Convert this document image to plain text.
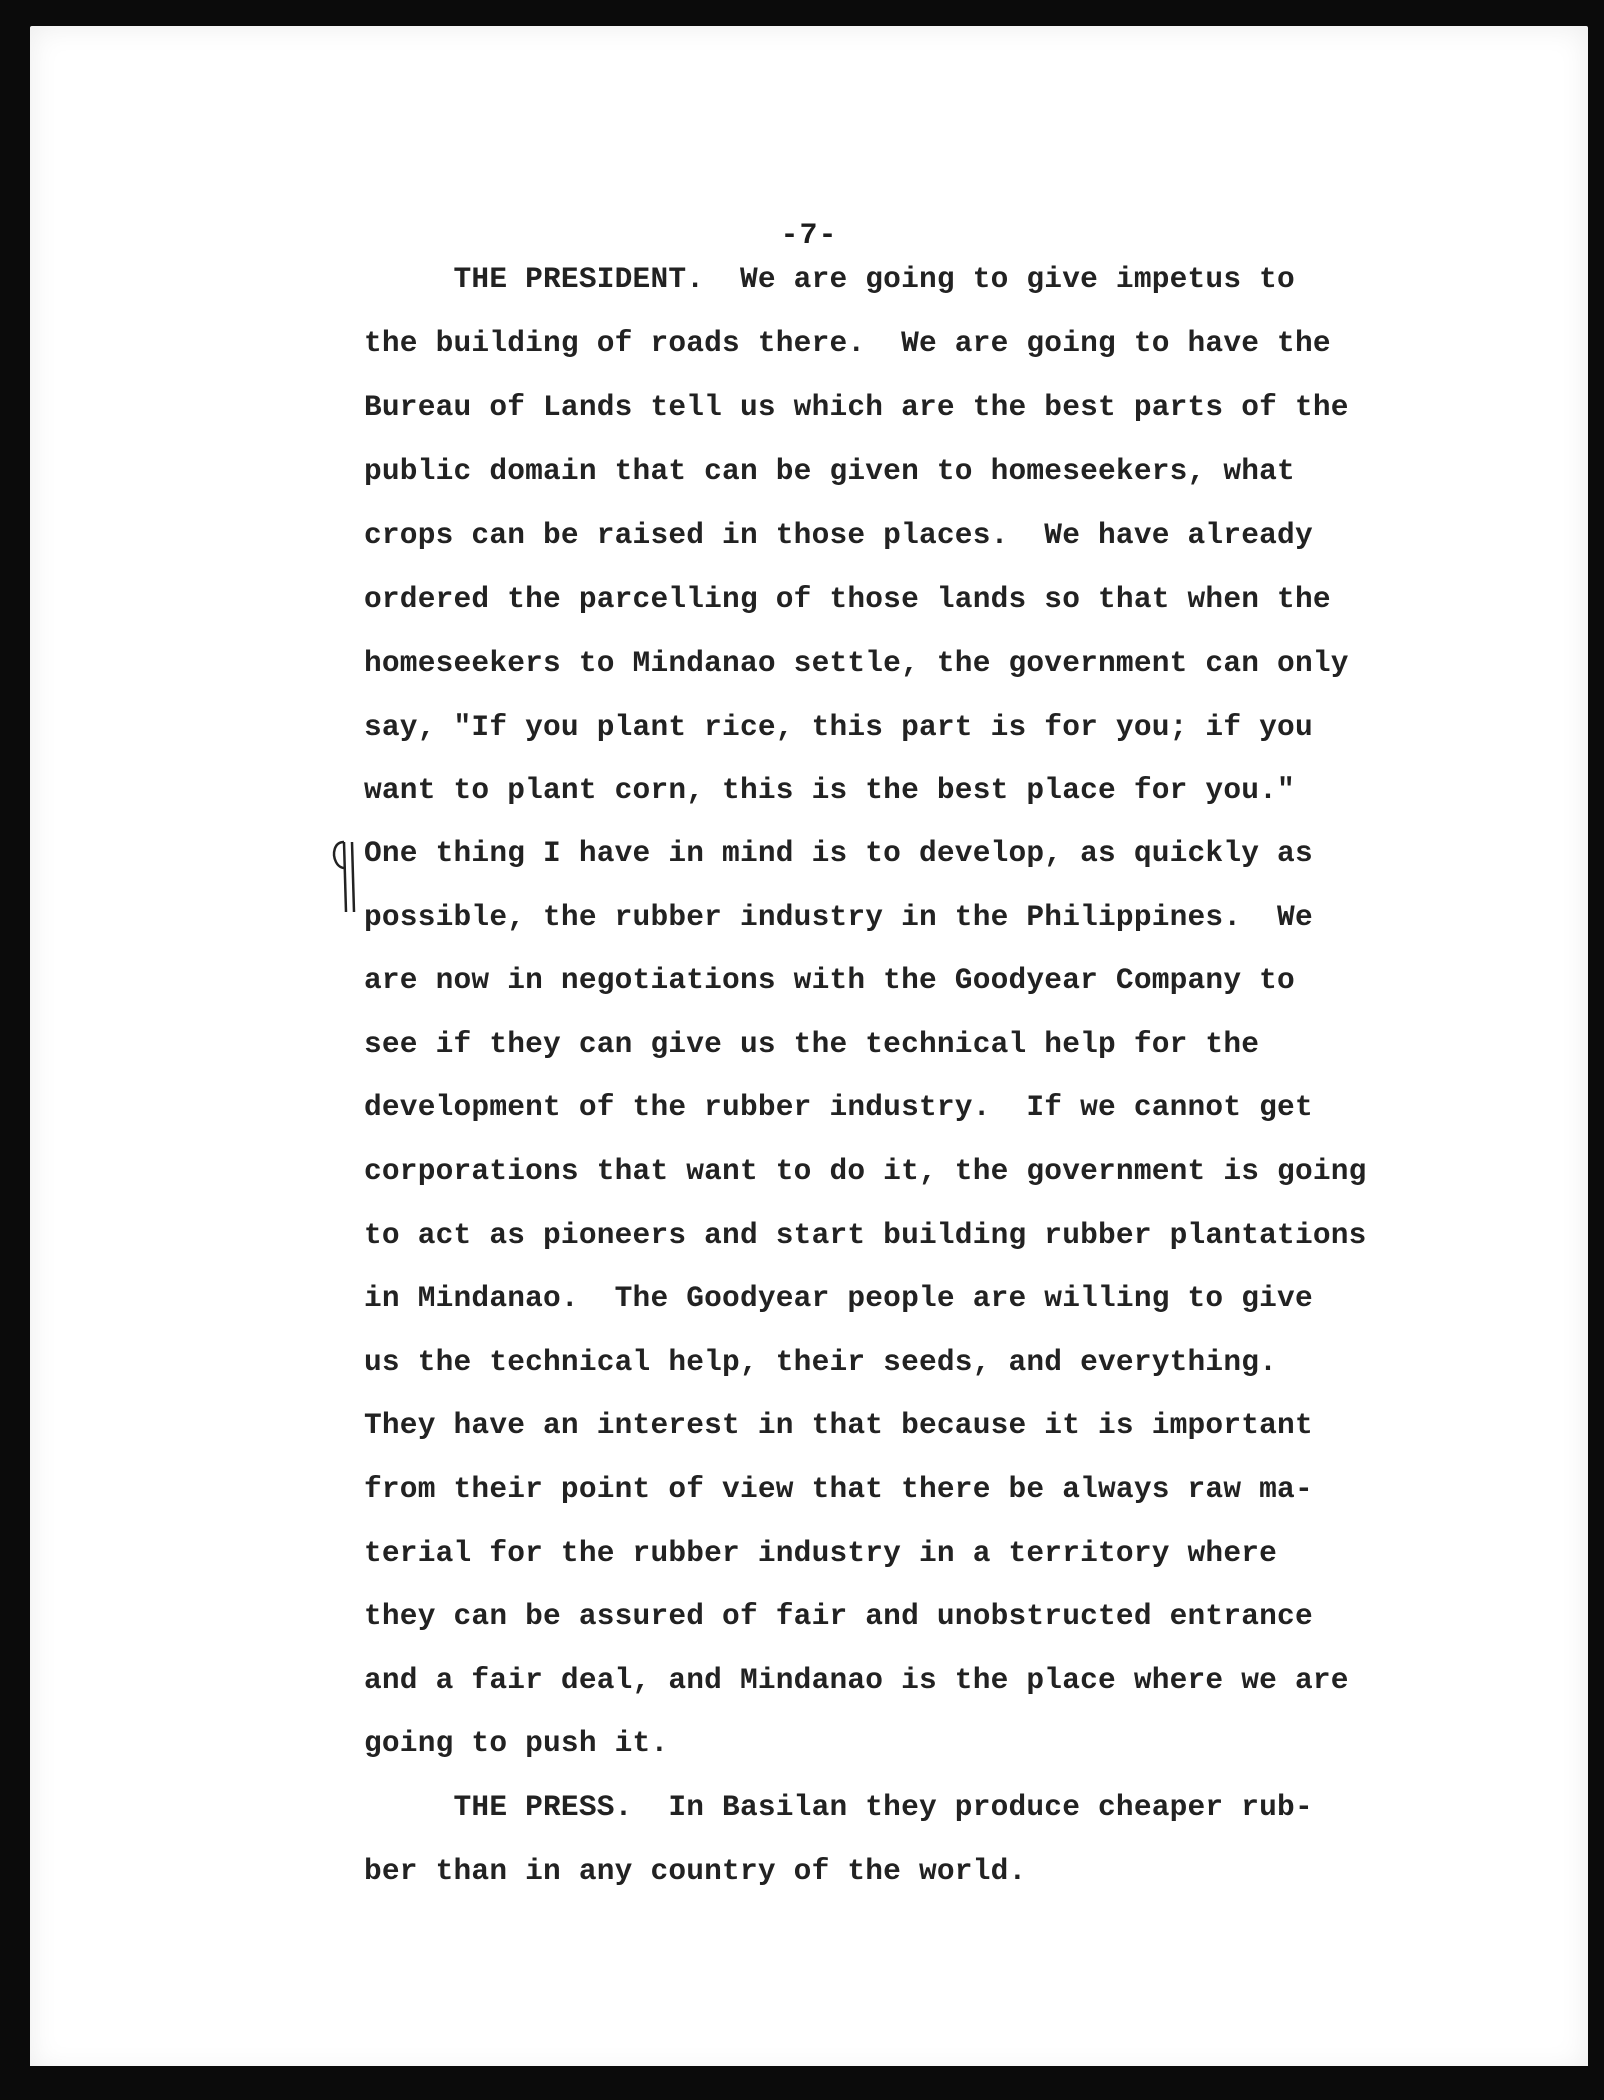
-7-
THE PRESIDENT.  We are going to give impetus to
the building of roads there.  We are going to have the
Bureau of Lands tell us which are the best parts of the
public domain that can be given to homeseekers, what
crops can be raised in those places.  We have already
ordered the parcelling of those lands so that when the
homeseekers to Mindanao settle, the government can only
say, "If you plant rice, this part is for you; if you
want to plant corn, this is the best place for you."
One thing I have in mind is to develop, as quickly as
possible, the rubber industry in the Philippines.  We
are now in negotiations with the Goodyear Company to
see if they can give us the technical help for the
development of the rubber industry.  If we cannot get
corporations that want to do it, the government is going
to act as pioneers and start building rubber plantations
in Mindanao.  The Goodyear people are willing to give
us the technical help, their seeds, and everything.
They have an interest in that because it is important
from their point of view that there be always raw ma-
terial for the rubber industry in a territory where
they can be assured of fair and unobstructed entrance
and a fair deal, and Mindanao is the place where we are
going to push it.
THE PRESS.  In Basilan they produce cheaper rub-
ber than in any country of the world.
